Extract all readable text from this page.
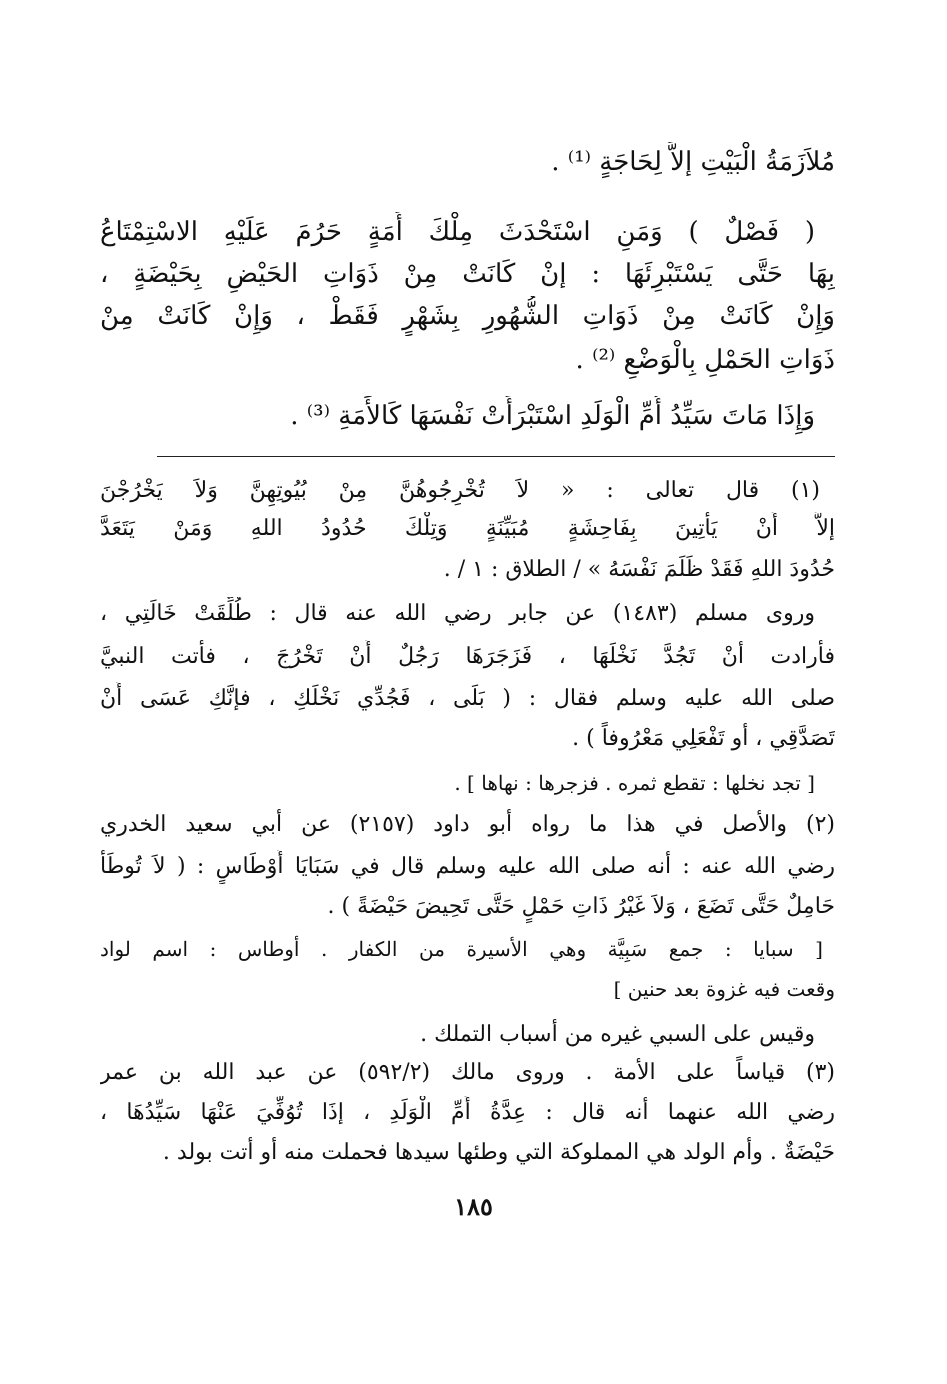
مُلاَزَمَةُ الْبَيْتِ إلاَّ لِحَاجَةٍ ⁽¹⁾ .
( فَصْلٌ ) وَمَنِ اسْتَحْدَثَ مِلْكَ أَمَةٍ حَرُمَ عَلَيْهِ الاسْتِمْتَاعُ
بِهَا حَتَّى يَسْتَبْرِئَهَا : إنْ كَانَتْ مِنْ ذَوَاتِ الحَيْضِ بِحَيْضَةٍ ،
وَإِنْ كَانَتْ مِنْ ذَوَاتِ الشُّهُورِ بِشَهْرٍ فَقَطْ ، وَإِنْ كَانَتْ مِنْ
ذَوَاتِ الحَمْلِ بِالْوَضْعِ ⁽²⁾ .
وَإِذَا مَاتَ سَيِّدُ أُمِّ الْوَلَدِ اسْتَبْرَأَتْ نَفْسَهَا كَالأَمَةِ ⁽³⁾ .
(١) قال تعالى : « لاَ تُخْرِجُوهُنَّ مِنْ بُيُوتِهِنَّ وَلاَ يَخْرُجْنَ
إلاَّ أَنْ يَأْتِينَ بِفَاحِشَةٍ مُبَيِّنَةٍ وَتِلْكَ حُدُودُ اللهِ وَمَنْ يَتَعَدَّ
حُدُودَ اللهِ فَقَدْ ظَلَمَ نَفْسَهُ » / الطلاق : ١ / .
وروى مسلم (١٤٨٣) عن جابر رضي الله عنه قال : طُلِّقَتْ خَالَتِي ،
فأرادت أنْ تَجُدَّ نَخْلَهَا ، فَزَجَرَهَا رَجُلٌ أَنْ تَخْرُجَ ، فأتت النبيَّ
صلى الله عليه وسلم فقال : ( بَلَى ، فَجُدِّي نَخْلَكِ ، فإنَّكِ عَسَى أَنْ
تَصَدَّقِي ، أو تَفْعَلِي مَعْرُوفاً ) .
[ تجد نخلها : تقطع ثمره . فزجرها : نهاها ] .
(٢) والأصل في هذا ما رواه أبو داود (٢١٥٧) عن أبي سعيد الخدري
رضي الله عنه : أنه صلى الله عليه وسلم قال في سَبَايَا أَوْطَاسٍ : ( لاَ تُوطَأُ
حَامِلٌ حَتَّى تَضَعَ ، وَلاَ غَيْرُ ذَاتِ حَمْلٍ حَتَّى تَحِيضَ حَيْضَةً ) .
[ سبايا : جمع سَبِيَّة وهي الأسيرة من الكفار . أوطاس : اسم لواد
وقعت فيه غزوة بعد حنين ]
وقيس على السبي غيره من أسباب التملك .
(٣) قياساً على الأمة . وروى مالك (٥٩٢/٢) عن عبد الله بن عمر
رضي الله عنهما أنه قال : عِدَّةُ أُمِّ الْوَلَدِ ، إذَا تُوُفِّيَ عَنْهَا سَيِّدُهَا ،
حَيْضَةٌ . وأم الولد هي المملوكة التي وطئها سيدها فحملت منه أو أتت بولد .
١٨٥
